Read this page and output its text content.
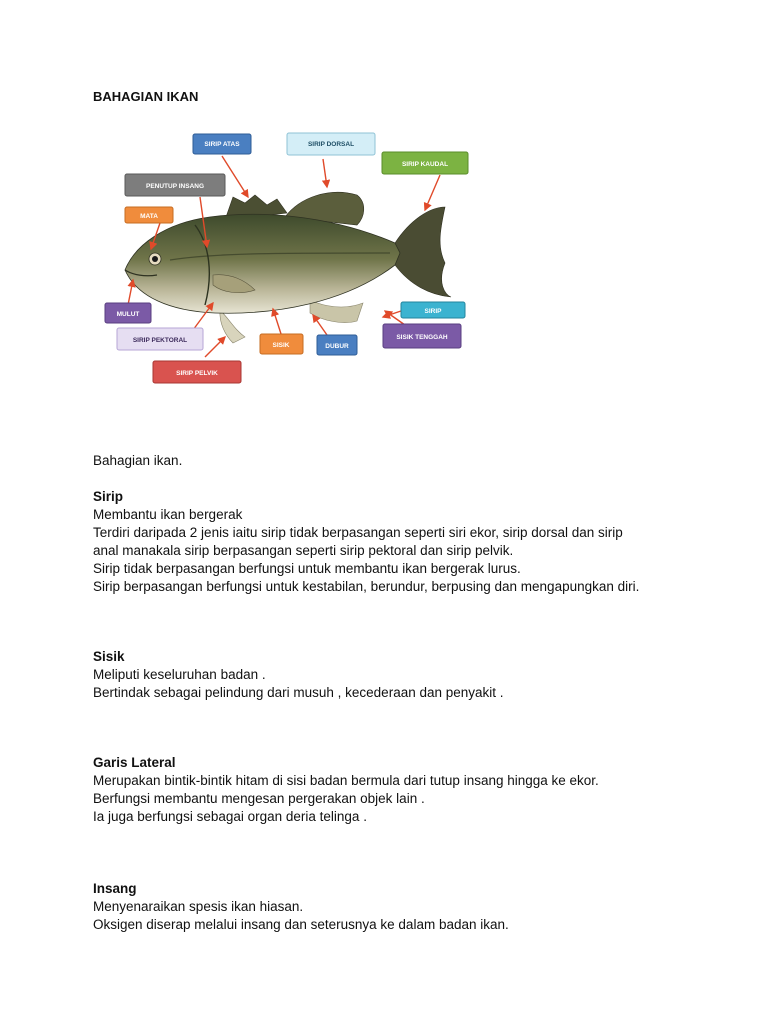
BAHAGIAN IKAN
SIRIP ATAS	SIRIP DORSAL
SIRIP KAUDAL
PENUTUP INSANG
MATA
MULUT
SIRIP PEKTORAL
SIRIP PELVIK
SISIK	DUBUR
SIRIP
SISIK TENGGAH
Bahagian ikan.
Sirip

Membantu ikan bergerak

Terdiri daripada 2 jenis iaitu sirip tidak berpasangan seperti siri ekor, sirip dorsal dan sirip

anal manakala sirip berpasangan seperti sirip pektoral dan sirip pelvik.

Sirip tidak berpasangan berfungsi untuk membantu ikan bergerak lurus.

Sirip berpasangan berfungsi untuk kestabilan, berundur, berpusing dan mengapungkan diri.

Sisik

Meliputi keseluruhan badan .

Bertindak sebagai pelindung dari musuh , kecederaan dan penyakit .

Garis Lateral

Merupakan bintik-bintik hitam di sisi badan bermula dari tutup insang hingga ke ekor.

Berfungsi membantu mengesan pergerakan objek lain .

Ia juga berfungsi sebagai organ deria telinga .

Insang

Menyenaraikan spesis ikan hiasan.

Oksigen diserap melalui insang dan seterusnya ke dalam badan ikan.
